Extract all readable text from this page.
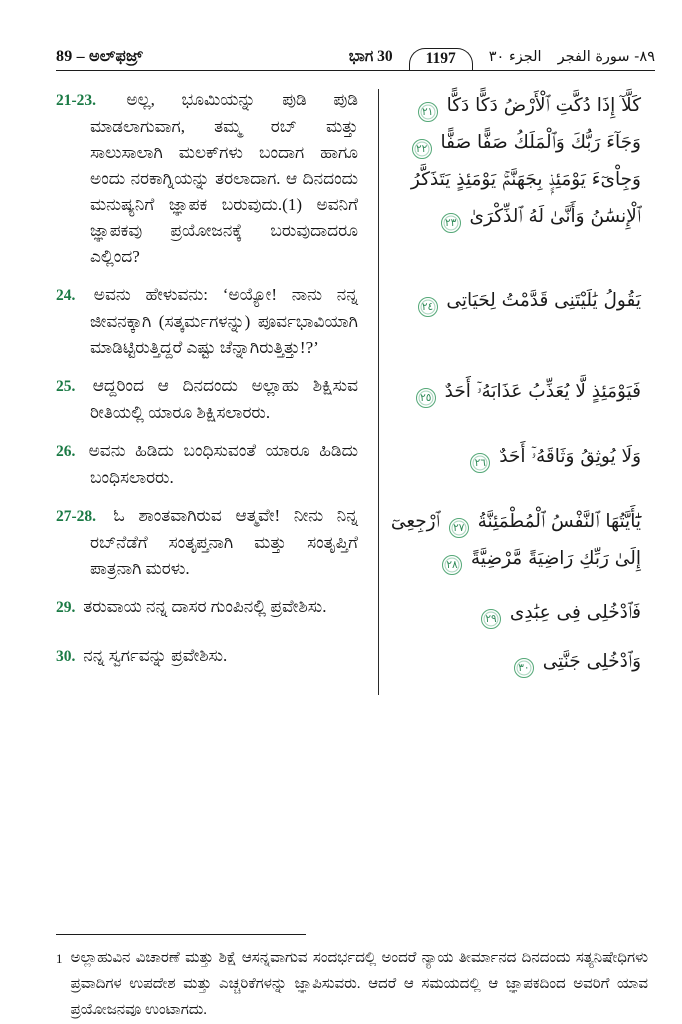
89 – ಅಲ್‌ಫಜ್ರ್	ಭಾಗ 30	1197	الجزء ٣٠ ٨٩- سورة الفجر
21-23. ಅಲ್ಲ, ಭೂಮಿಯನ್ನು ಪುಡಿ ಪುಡಿ ಮಾಡಲಾಗುವಾಗ, ತಮ್ಮ ರಬ್ ಮತ್ತು ಸಾಲುಸಾಲಾಗಿ ಮಲಕ್‌ಗಳು ಬಂದಾಗ ಹಾಗೂ ಅಂದು ನರಕಾಗ್ನಿಯನ್ನು ತರಲಾದಾಗ. ಆ ದಿನದಂದು ಮನುಷ್ಯನಿಗೆ ಜ್ಞಾಪಕ ಬರುವುದು.(1) ಅವನಿಗೆ ಜ್ಞಾಪಕವು ಪ್ರಯೋಜನಕ್ಕೆ ಬರುವುದಾದರೂ ಎಲ್ಲಿಂದ?
كَلَّآ إِذَا دُكَّتِ ٱلْأَرْضُ دَكًّا دَكًّا ٢١ وَجَآءَ رَبُّكَ وَٱلْمَلَكُ صَفًّا صَفًّا ٢٢ وَجِاْىٓءَ يَوْمَئِذٍۭ بِجَهَنَّمَۚ يَوْمَئِذٍ يَتَذَكَّرُ ٱلْإِنسَٰنُ وَأَنَّىٰ لَهُ ٱلذِّكْرَىٰ ٢٣
24. ಅವನು ಹೇಳುವನು: ‘ಅಯ್ಯೋ! ನಾನು ನನ್ನ ಜೀವನಕ್ಕಾಗಿ (ಸತ್ಕರ್ಮಗಳನ್ನು) ಪೂರ್ವಭಾವಿಯಾಗಿ ಮಾಡಿಟ್ಟಿರುತ್ತಿದ್ದರೆ ಎಷ್ಟು ಚೆನ್ನಾಗಿರುತ್ತಿತ್ತು!?’
يَقُولُ يَٰلَيْتَنِى قَدَّمْتُ لِحَيَاتِى ٢٤
25. ಆದ್ದರಿಂದ ಆ ದಿನದಂದು ಅಲ್ಲಾಹು ಶಿಕ್ಷಿಸುವ ರೀತಿಯಲ್ಲಿ ಯಾರೂ ಶಿಕ್ಷಿಸಲಾರರು.
فَيَوْمَئِذٍ لَّا يُعَذِّبُ عَذَابَهُۥٓ أَحَدٌ ٢٥
26. ಅವನು ಹಿಡಿದು ಬಂಧಿಸುವಂತೆ ಯಾರೂ ಹಿಡಿದು ಬಂಧಿಸಲಾರರು.
وَلَا يُوثِقُ وَثَاقَهُۥٓ أَحَدٌ ٢٦
27-28. ಓ ಶಾಂತವಾಗಿರುವ ಆತ್ಮವೇ! ನೀನು ನಿನ್ನ ರಬ್‌ನೆಡೆಗೆ ಸಂತೃಪ್ತನಾಗಿ ಮತ್ತು ಸಂತೃಪ್ತಿಗೆ ಪಾತ್ರನಾಗಿ ಮರಳು.
يَٰٓأَيَّتُهَا ٱلنَّفْسُ ٱلْمُطْمَئِنَّةُ ٢٧ ٱرْجِعِىٓ إِلَىٰ رَبِّكِ رَاضِيَةً مَّرْضِيَّةً ٢٨
29. ತರುವಾಯ ನನ್ನ ದಾಸರ ಗುಂಪಿನಲ್ಲಿ ಪ್ರವೇಶಿಸು.	فَٱدْخُلِى فِى عِبَٰدِى ٢٩
30. ನನ್ನ ಸ್ವರ್ಗವನ್ನು ಪ್ರವೇಶಿಸು.	وَٱدْخُلِى جَنَّتِى ٣٠
1 ಅಲ್ಲಾಹುವಿನ ವಿಚಾರಣೆ ಮತ್ತು ಶಿಕ್ಷೆ ಆಸನ್ನವಾಗುವ ಸಂದರ್ಭದಲ್ಲಿ ಅಂದರೆ ನ್ಯಾಯ ತೀರ್ಮಾನದ ದಿನದಂದು ಸತ್ಯನಿಷೇಧಿಗಳು ಪ್ರವಾದಿಗಳ ಉಪದೇಶ ಮತ್ತು ಎಚ್ಚರಿಕೆಗಳನ್ನು ಜ್ಞಾಪಿಸುವರು. ಆದರೆ ಆ ಸಮಯದಲ್ಲಿ ಆ ಜ್ಞಾಪಕದಿಂದ ಅವರಿಗೆ ಯಾವ ಪ್ರಯೋಜನವೂ ಉಂಟಾಗದು.
